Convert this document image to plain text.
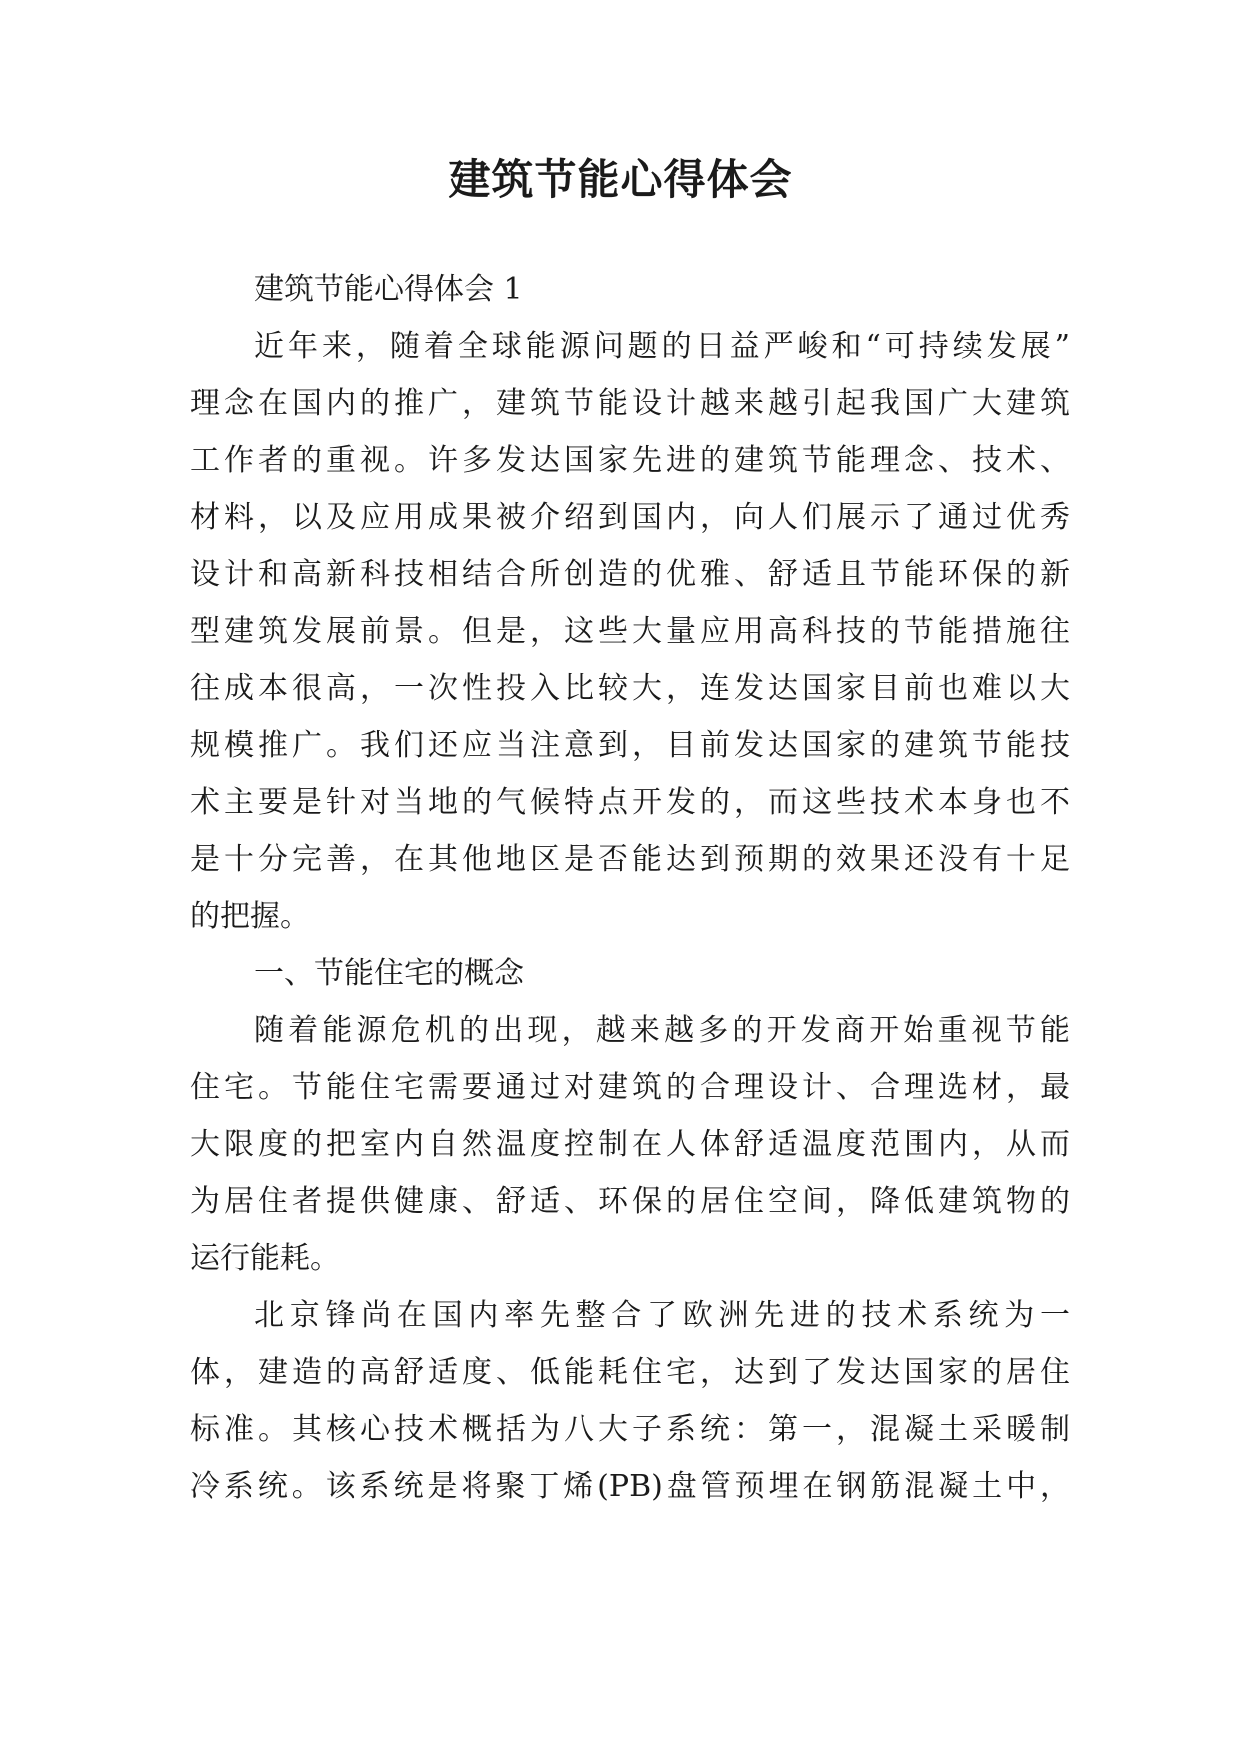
建筑节能心得体会
建筑节能心得体会 1
近年来，随着全球能源问题的日益严峻和“可持续发展”
理念在国内的推广，建筑节能设计越来越引起我国广大建筑
工作者的重视。许多发达国家先进的建筑节能理念、技术、
材料，以及应用成果被介绍到国内，向人们展示了通过优秀
设计和高新科技相结合所创造的优雅、舒适且节能环保的新
型建筑发展前景。但是，这些大量应用高科技的节能措施往
往成本很高，一次性投入比较大，连发达国家目前也难以大
规模推广。我们还应当注意到，目前发达国家的建筑节能技
术主要是针对当地的气候特点开发的，而这些技术本身也不
是十分完善，在其他地区是否能达到预期的效果还没有十足
的把握。
一、节能住宅的概念
随着能源危机的出现，越来越多的开发商开始重视节能
住宅。节能住宅需要通过对建筑的合理设计、合理选材，最
大限度的把室内自然温度控制在人体舒适温度范围内，从而
为居住者提供健康、舒适、环保的居住空间，降低建筑物的
运行能耗。
北京锋尚在国内率先整合了欧洲先进的技术系统为一
体，建造的高舒适度、低能耗住宅，达到了发达国家的居住
标准。其核心技术概括为八大子系统：第一，混凝土采暖制
冷系统。该系统是将聚丁烯(PB)盘管预埋在钢筋混凝土中，
